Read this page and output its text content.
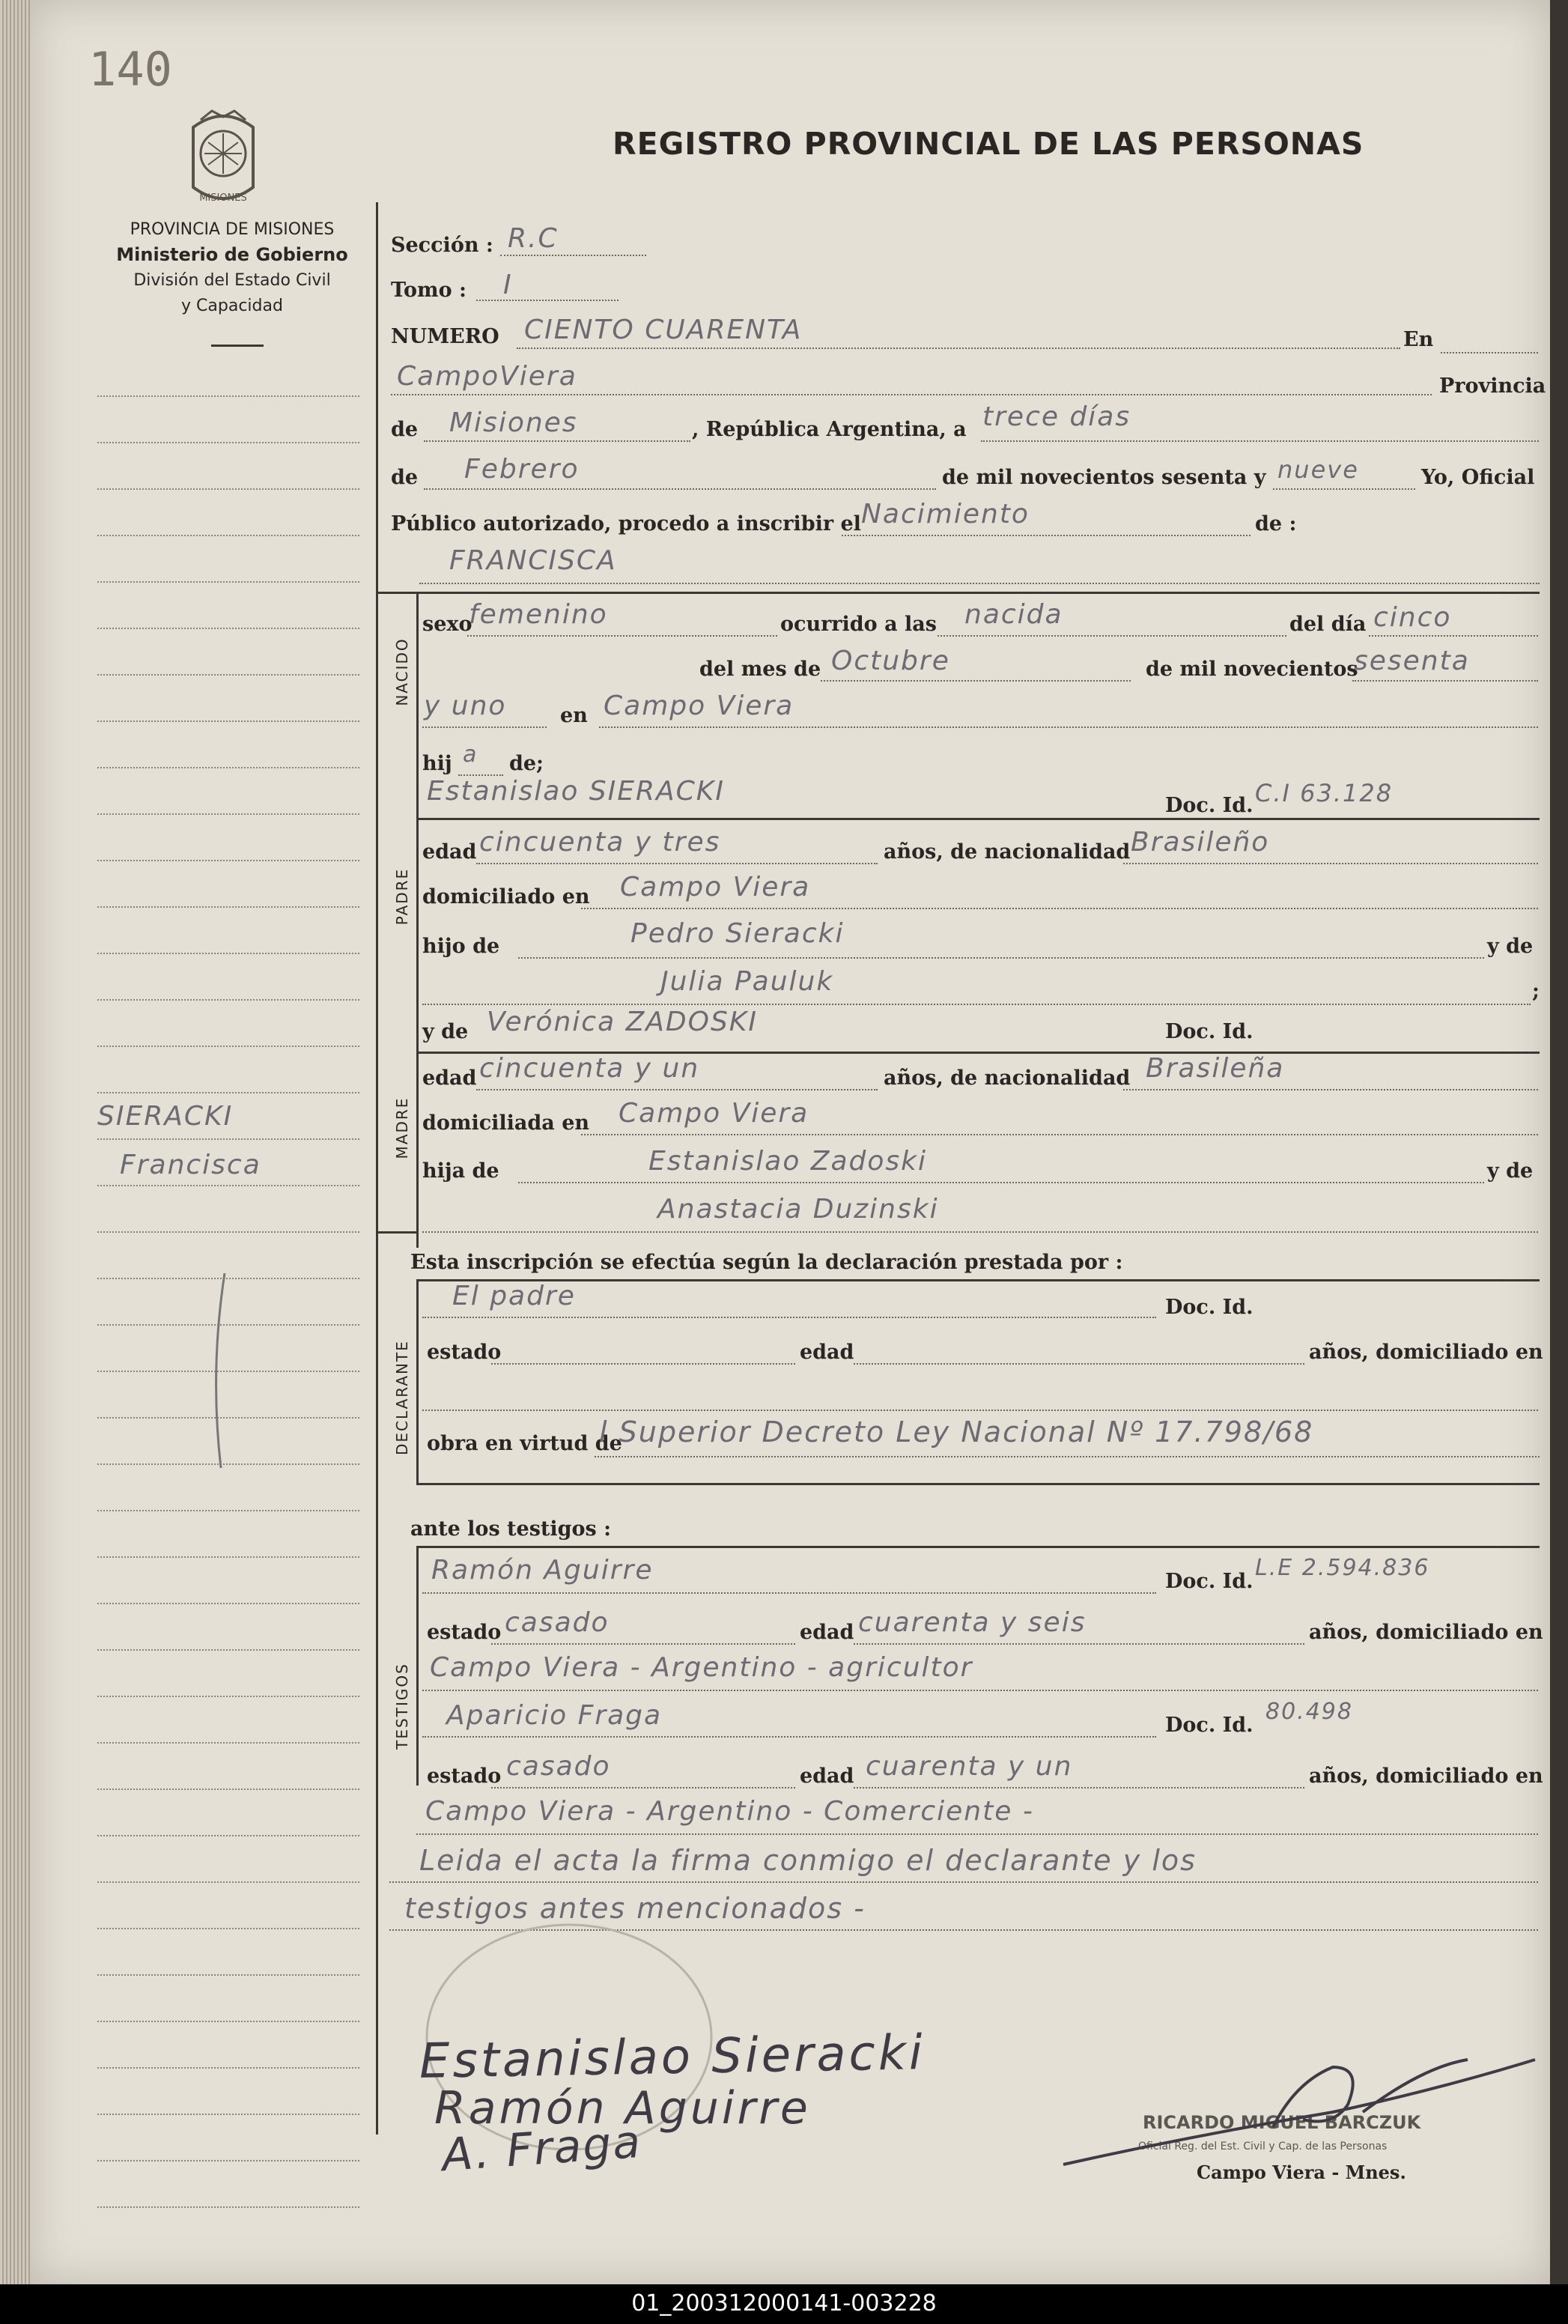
140
MISIONES
REGISTRO PROVINCIAL DE LAS PERSONAS
PROVINCIA DE MISIONES
Ministerio de Gobierno
División del Estado Civil
y Capacidad
SIERACKI
Francisca
Sección : R.C
Tomo : I
NUMERO CIENTO CUARENTA	En
CampoViera	Provincia
de Misiones	, República Argentina, a trece días
de Febrero	de mil novecientos sesenta y nueve	Yo, Oficial
Público autorizado, procedo a inscribir el Nacimiento	de :
FRANCISCA
NACIDO
sexo
femenino	ocurrido a las nacida	del día cinco
del mes de Octubre	de mil novecientos
sesenta
y uno	en Campo Viera
hij a de;
PADRE
Estanislao SIERACKI	Doc. Id. C.I 63.128
edad cincuenta y tres	años, de nacionalidad Brasileño
domiciliado en Campo Viera
hijo de	Pedro Sieracki	y de
Julia Pauluk	;
MADRE
y de Verónica ZADOSKI	Doc. Id.
edad cincuenta y un	años, de nacionalidad Brasileña
domiciliada en Campo Viera
hija de	Estanislao Zadoski	y de
Anastacia Duzinski
Esta inscripción se efectúa según la declaración prestada por :
DECLARANTE
El padre	Doc. Id.
estado	edad	años, domiciliado en
obra en virtud de
l Superior Decreto Ley Nacional Nº 17.798/68
ante los testigos :
TESTIGOS
Ramón Aguirre	Doc. Id.
L.E 2.594.836
estado casado	edad cuarenta y seis	años, domiciliado en
Campo Viera - Argentino - agricultor
Aparicio Fraga	Doc. Id.
80.498
estado casado	edad cuarenta y un	años, domiciliado en
Campo Viera - Argentino - Comerciente -
Leida el acta la firma conmigo el declarante y los
testigos antes mencionados -
Estanislao Sieracki
Ramón Aguirre
A. Fraga	RICARDO MIGUEL BARCZUK
Oficial Reg. del Est. Civil y Cap. de las Personas
Campo Viera - Mnes.
01_200312000141-003228
